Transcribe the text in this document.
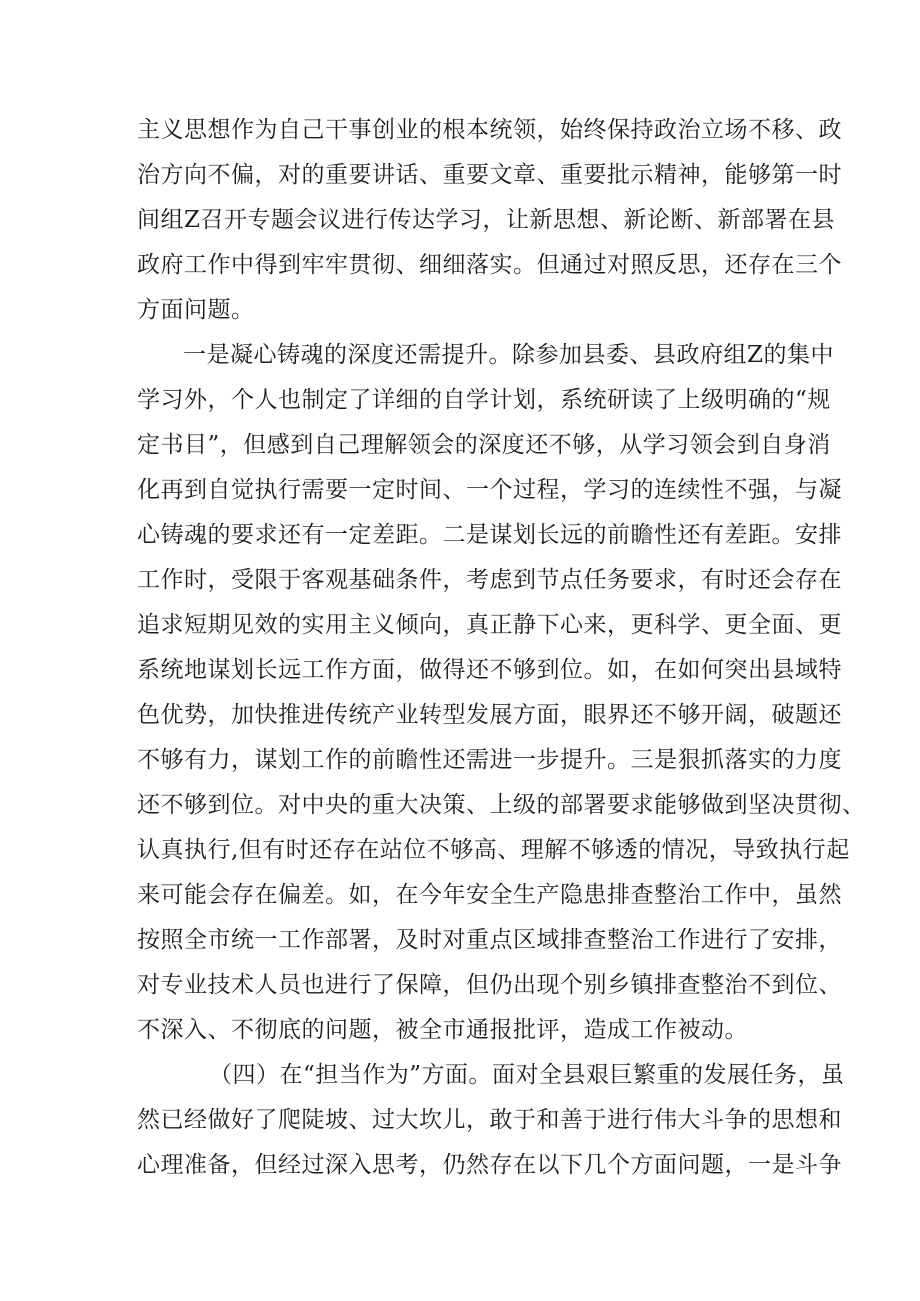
主义思想作为自己干事创业的根本统领，始终保持政治立场不移、政
治方向不偏，对的重要讲话、重要文章、重要批示精神，能够第一时
间组Z召开专题会议进行传达学习，让新思想、新论断、新部署在县
政府工作中得到牢牢贯彻、细细落实。但通过对照反思，还存在三个
方面问题。
一是凝心铸魂的深度还需提升。除参加县委、县政府组Z的集中
学习外，个人也制定了详细的自学计划，系统研读了上级明确的“规
定书目”，但感到自己理解领会的深度还不够，从学习领会到自身消
化再到自觉执行需要一定时间、一个过程，学习的连续性不强，与凝
心铸魂的要求还有一定差距。二是谋划长远的前瞻性还有差距。安排
工作时，受限于客观基础条件，考虑到节点任务要求，有时还会存在
追求短期见效的实用主义倾向，真正静下心来，更科学、更全面、更
系统地谋划长远工作方面，做得还不够到位。如，在如何突出县域特
色优势，加快推进传统产业转型发展方面，眼界还不够开阔，破题还
不够有力，谋划工作的前瞻性还需进一步提升。三是狠抓落实的力度
还不够到位。对中央的重大决策、上级的部署要求能够做到坚决贯彻、
认真执行,但有时还存在站位不够高、理解不够透的情况，导致执行起
来可能会存在偏差。如，在今年安全生产隐患排查整治工作中，虽然
按照全市统一工作部署，及时对重点区域排查整治工作进行了安排，
对专业技术人员也进行了保障，但仍出现个别乡镇排查整治不到位、
不深入、不彻底的问题，被全市通报批评，造成工作被动。
（四）在“担当作为”方面。面对全县艰巨繁重的发展任务，虽
然已经做好了爬陡坡、过大坎儿，敢于和善于进行伟大斗争的思想和
心理准备，但经过深入思考，仍然存在以下几个方面问题，一是斗争
